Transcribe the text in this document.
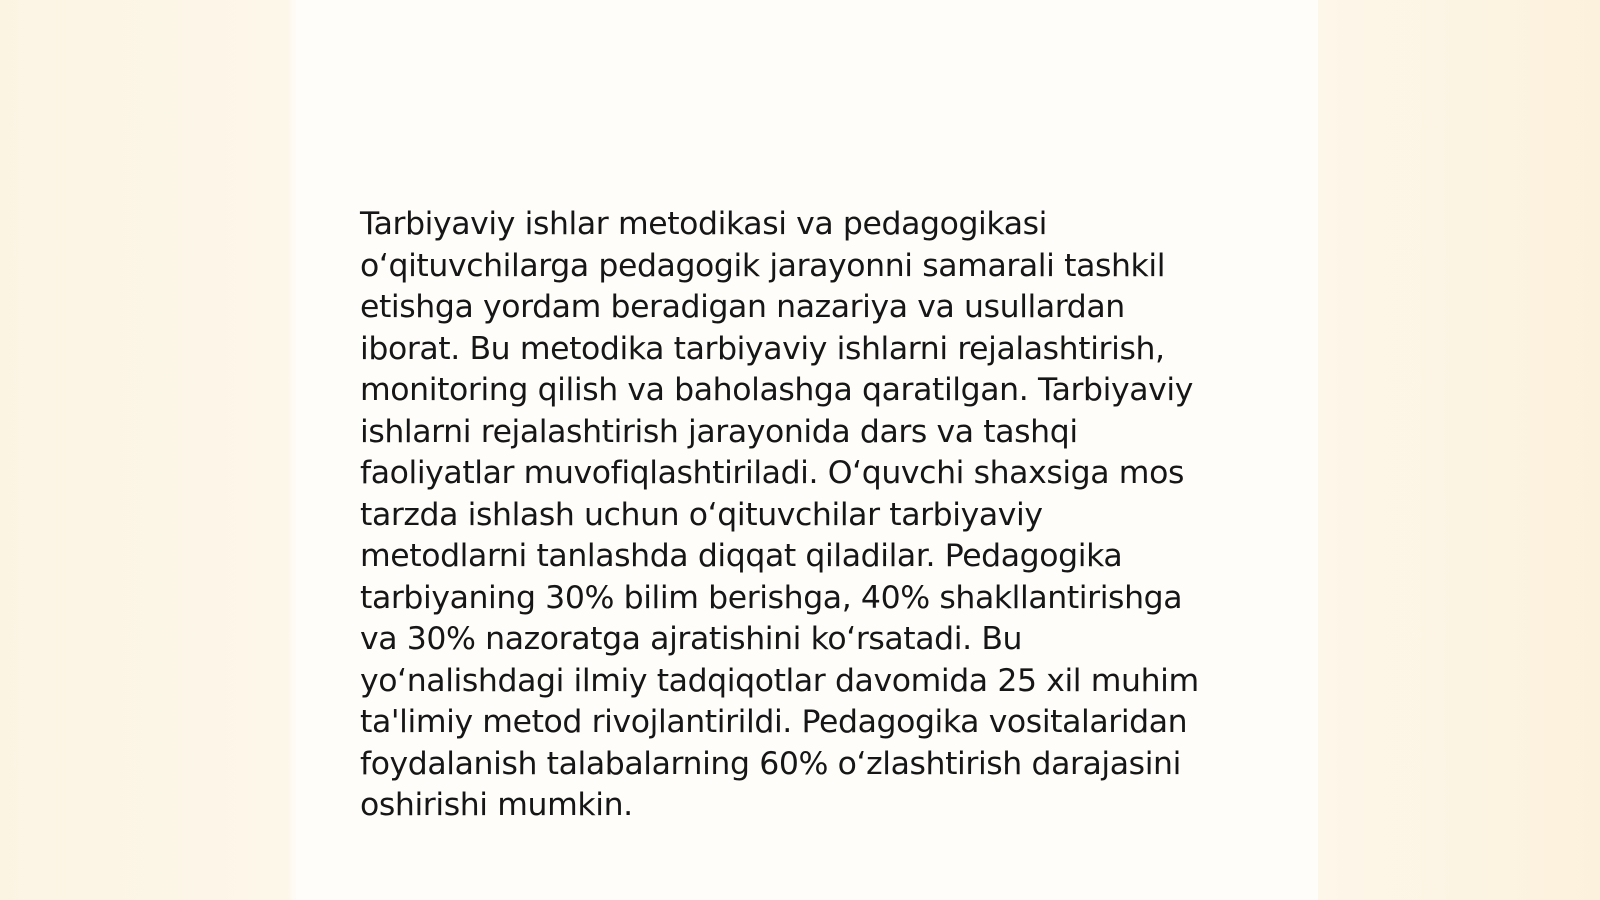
Tarbiyaviy ishlar metodikasi va pedagogikasi
o‘qituvchilarga pedagogik jarayonni samarali tashkil
etishga yordam beradigan nazariya va usullardan
iborat. Bu metodika tarbiyaviy ishlarni rejalashtirish,
monitoring qilish va baholashga qaratilgan. Tarbiyaviy
ishlarni rejalashtirish jarayonida dars va tashqi
faoliyatlar muvofiqlashtiriladi. O‘quvchi shaxsiga mos
tarzda ishlash uchun o‘qituvchilar tarbiyaviy
metodlarni tanlashda diqqat qiladilar. Pedagogika
tarbiyaning 30% bilim berishga, 40% shakllantirishga
va 30% nazoratga ajratishini ko‘rsatadi. Bu
yo‘nalishdagi ilmiy tadqiqotlar davomida 25 xil muhim
ta'limiy metod rivojlantirildi. Pedagogika vositalaridan
foydalanish talabalarning 60% o‘zlashtirish darajasini
oshirishi mumkin.
